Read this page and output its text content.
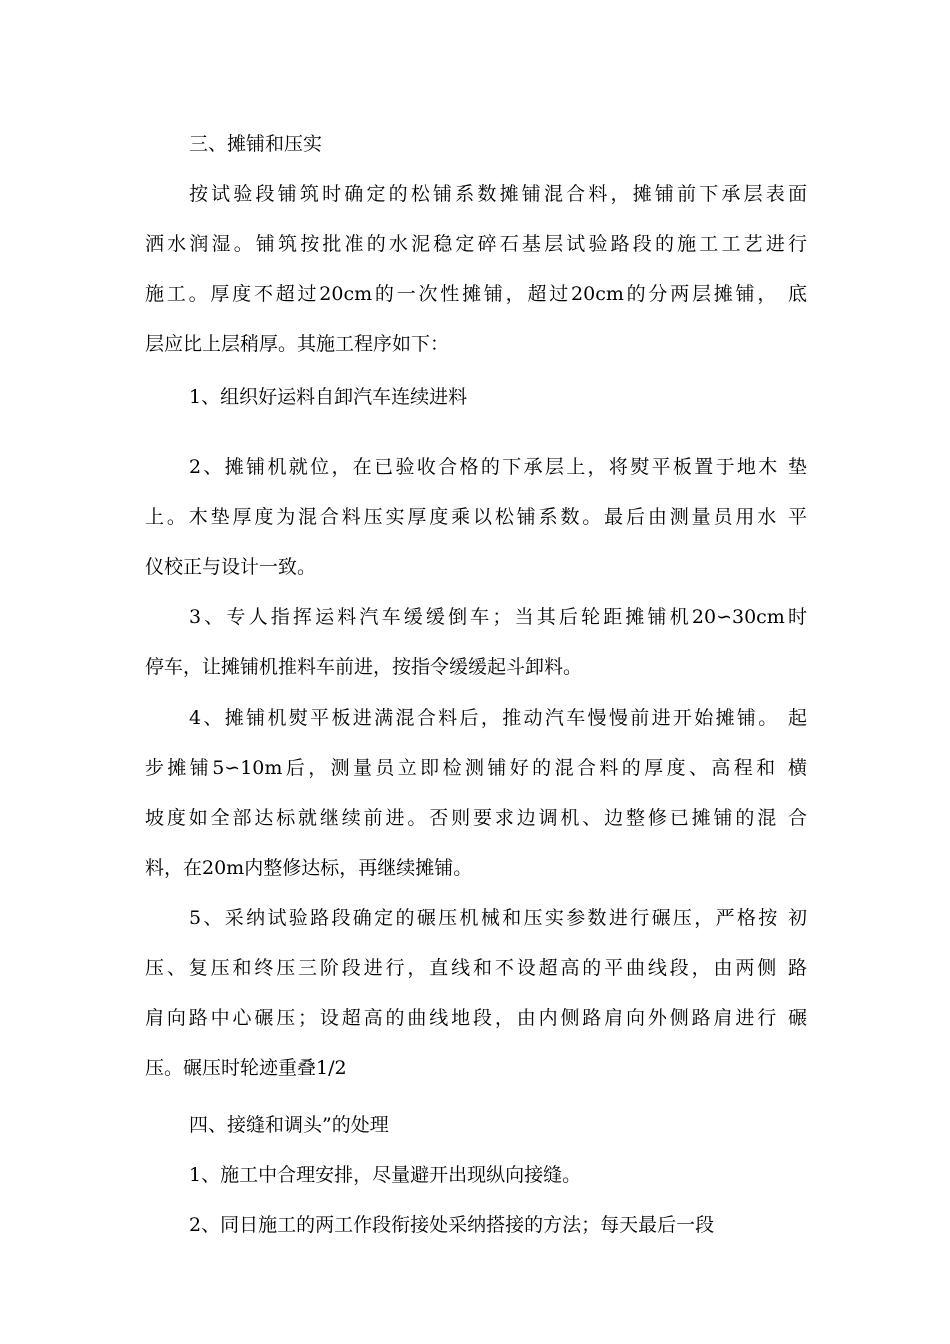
三、摊铺和压实
按试验段铺筑时确定的松铺系数摊铺混合料，摊铺前下承层表面
洒水润湿。铺筑按批准的水泥稳定碎石基层试验路段的施工工艺进行
施工。厚度不超过20cm的一次性摊铺，超过20cm的分两层摊铺， 底
层应比上层稍厚。其施工程序如下：
1、组织好运料自卸汽车连续进料
2、摊铺机就位，在已验收合格的下承层上，将熨平板置于地木 垫
上。木垫厚度为混合料压实厚度乘以松铺系数。最后由测量员用水 平
仪校正与设计一致。
3、专人指挥运料汽车缓缓倒车；当其后轮距摊铺机20∽30cm时
停车，让摊铺机推料车前进，按指令缓缓起斗卸料。
4、摊铺机熨平板进满混合料后，推动汽车慢慢前进开始摊铺。 起
步摊铺5∽10m后，测量员立即检测铺好的混合料的厚度、高程和 横
坡度如全部达标就继续前进。否则要求边调机、边整修已摊铺的混 合
料，在20m内整修达标，再继续摊铺。
5、采纳试验路段确定的碾压机械和压实参数进行碾压，严格按 初
压、复压和终压三阶段进行，直线和不设超高的平曲线段，由两侧 路
肩向路中心碾压；设超高的曲线地段，由内侧路肩向外侧路肩进行 碾
压。碾压时轮迹重叠1/2
四、接缝和调头”的处理
1、施工中合理安排，尽量避开出现纵向接缝。
2、同日施工的两工作段衔接处采纳搭接的方法；每天最后一段
